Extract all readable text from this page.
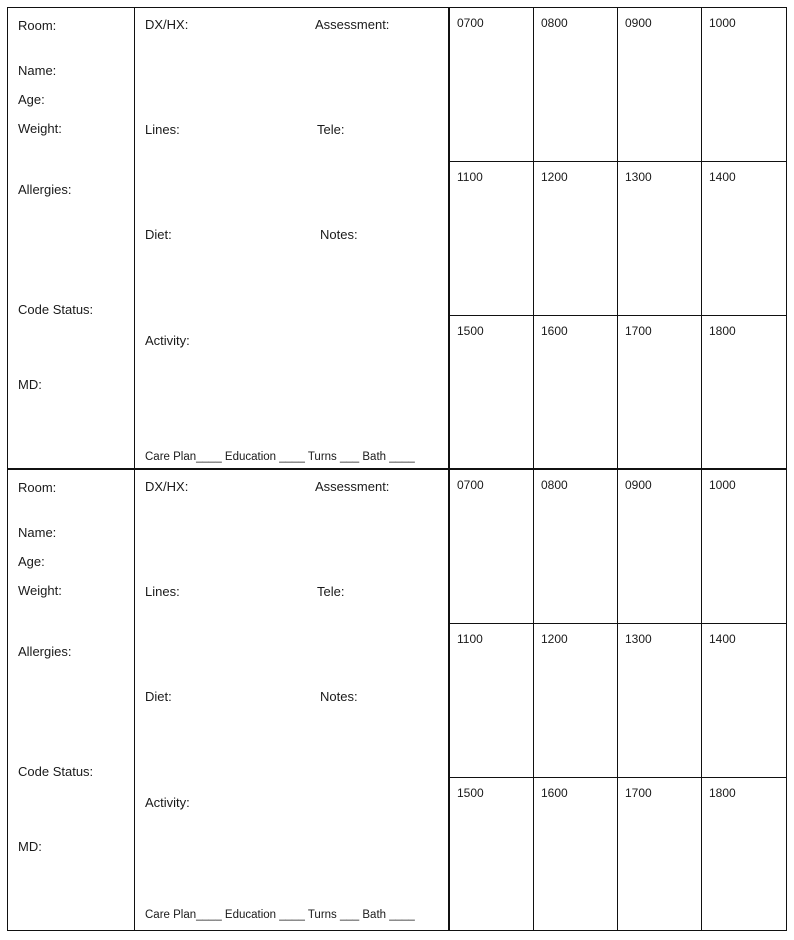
Room:
Name:
Age:
Weight:
Allergies:
Code Status:
MD:
DX/HX:	Assessment:
Lines:	Tele:
Diet:	Notes:
Activity:
Care Plan____ Education ____ Turns ___ Bath ____
0700	0800	0900	1000
1100	1200	1300	1400
1500	1600	1700	1800
Room:
Name:
Age:
Weight:
Allergies:
Code Status:
MD:
DX/HX:	Assessment:
Lines:	Tele:
Diet:	Notes:
Activity:
Care Plan____ Education ____ Turns ___ Bath ____
0700	0800	0900	1000
1100	1200	1300	1400
1500	1600	1700	1800
